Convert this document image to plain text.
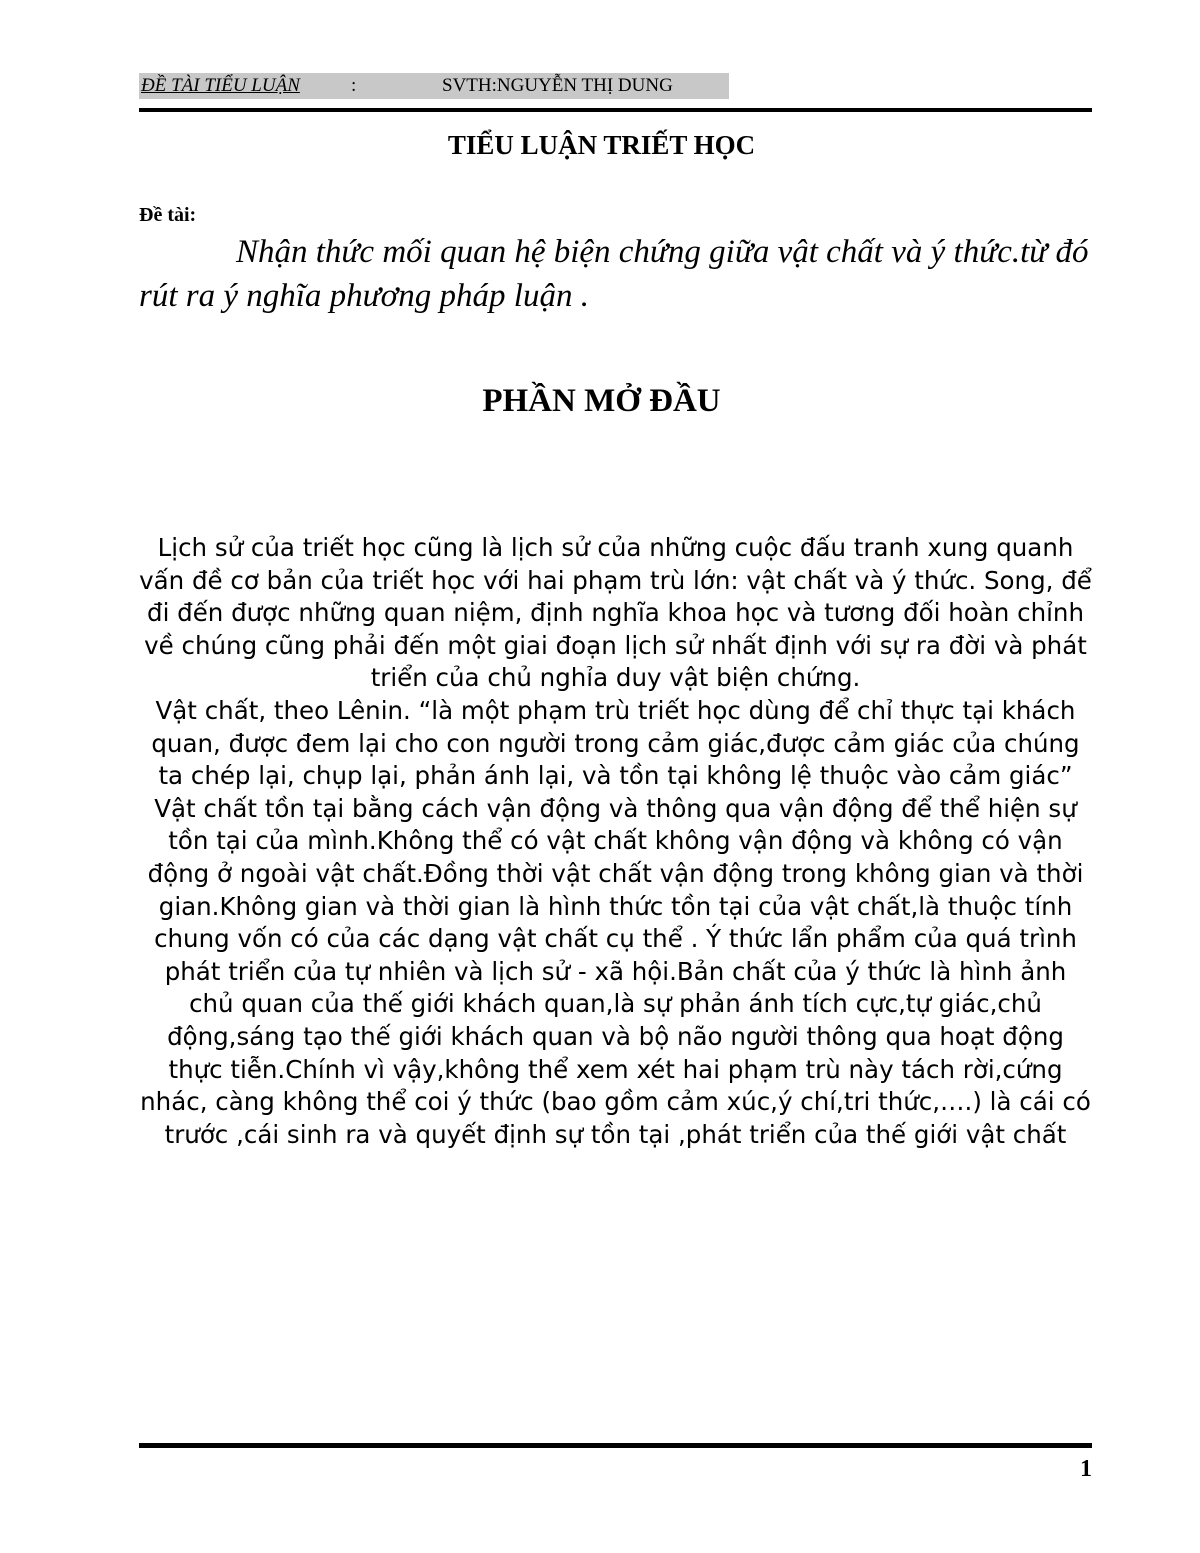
ĐỀ TÀI TIỂU LUẬN	:	SVTH:NGUYỄN THỊ DUNG
TIỂU LUẬN TRIẾT HỌC
Đề tài:
Nhận thức mối quan hệ biện chứng giữa vật chất và ý thức.từ đó rút ra ý nghĩa phương pháp luận .
PHẦN MỞ ĐẦU

Lịch sử của triết học cũng là lịch sử của những cuộc đấu tranh xung quanh vấn đề cơ bản của triết học với hai phạm trù lớn: vật chất và ý thức. Song, để đi đến được những quan niệm, định nghĩa khoa học và tương đối hoàn chỉnh về chúng cũng phải đến một giai đoạn lịch sử nhất định với sự ra đời và phát triển của chủ nghỉa duy vật biện chứng.

Vật chất, theo Lênin. “là một phạm trù triết học dùng để chỉ thực tại khách quan, được đem lại cho con người trong cảm giác,được cảm giác của chúng ta chép lại, chụp lại, phản ánh lại, và tồn tại không lệ thuộc vào cảm giác”

Vật chất tồn tại bằng cách vận động và thông qua vận động để thể hiện sự tồn tại của mình.Không thể có vật chất không vận động và không có vận động ở ngoài vật chất.Đồng thời vật chất vận động trong không gian và thời gian.Không gian và thời gian là hình thức tồn tại của vật chất,là thuộc tính chung vốn có của các dạng vật chất cụ thể . Ý thức lẩn phẩm của quá trình phát triển của tự nhiên và lịch sử - xã hội.Bản chất của ý thức là hình ảnh chủ quan của thế giới khách quan,là sự phản ánh tích cực,tự giác,chủ động,sáng tạo thế giới khách quan và bộ não người thông qua hoạt động thực tiễn.Chính vì vậy,không thể xem xét hai phạm trù này tách rời,cứng nhác, càng không thể coi ý thức (bao gồm cảm xúc,ý chí,tri thức,….) là cái có trước ,cái sinh ra và quyết định sự tồn tại ,phát triển của thế giới vật chất

1
